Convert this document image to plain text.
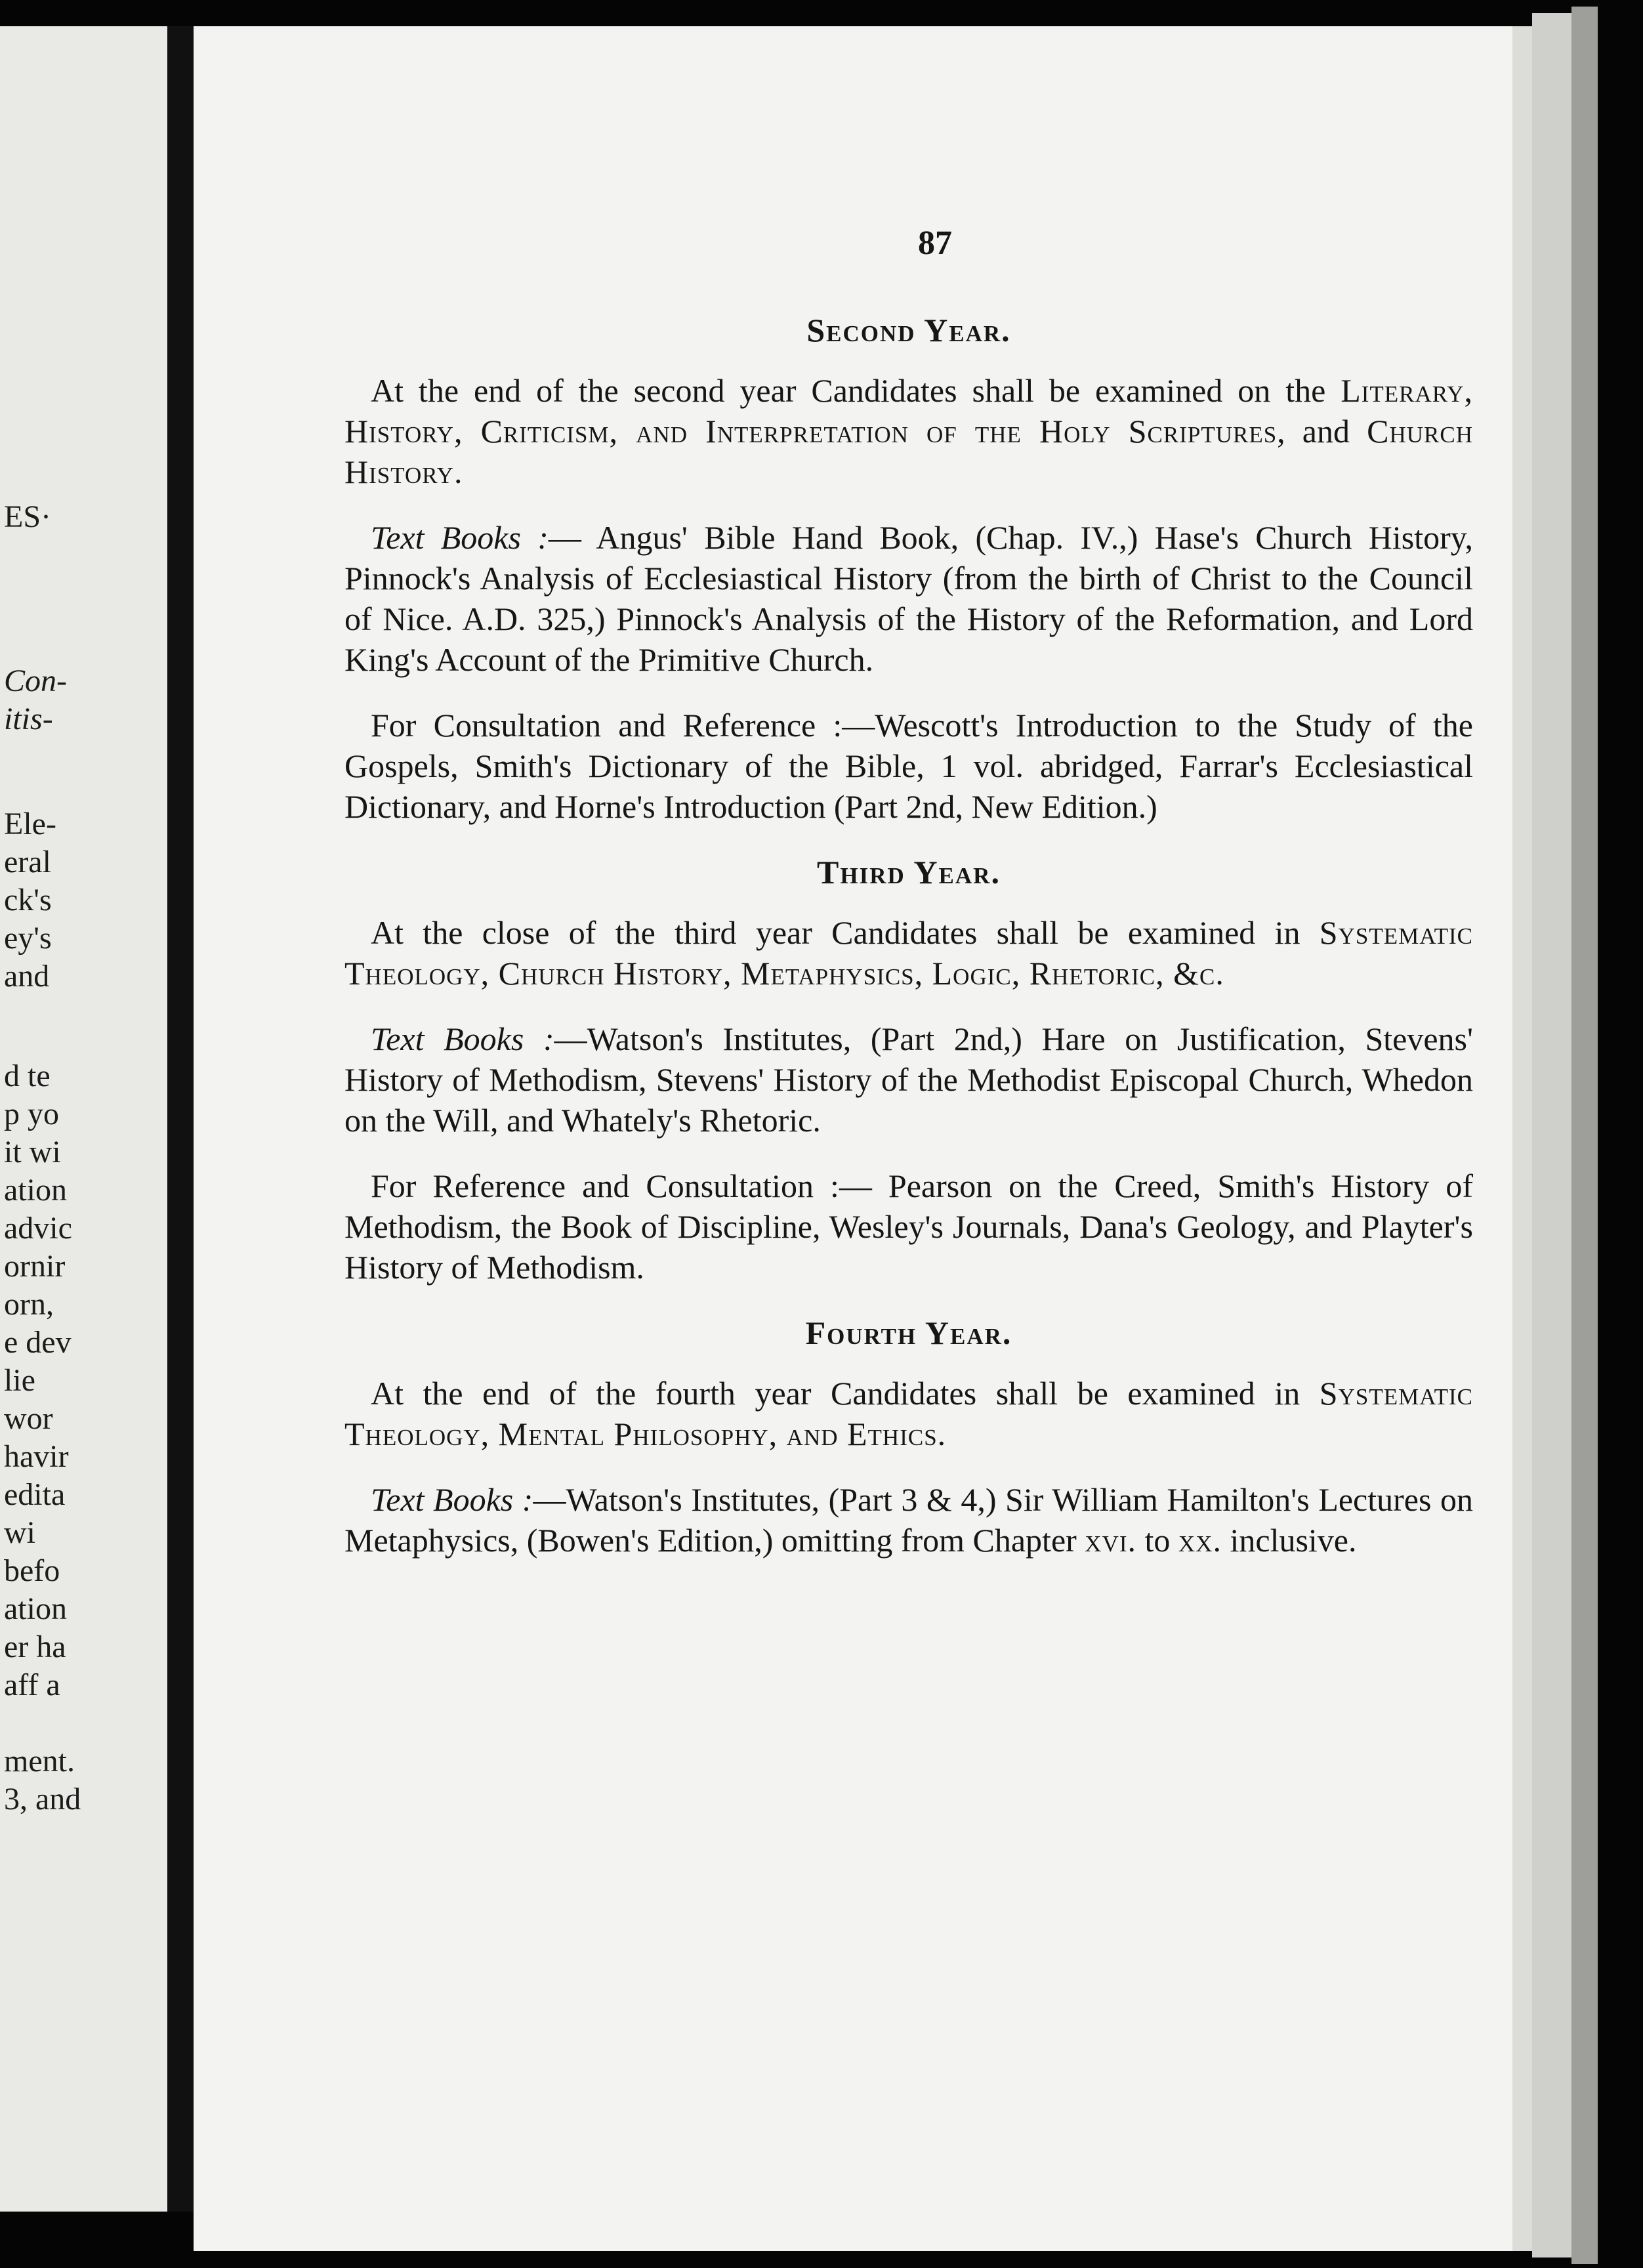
ES·
Con-
itis-
Ele-
eral
ck's
ey's
and
d te
p yo
it wi
ation
advic
ornir
orn,
e dev
lie
wor
havir
edita
wi
befo
ation
er ha
aff a
ment.
3, and
87
Second Year.

At the end of the second year Candidates shall be examined on the Literary, History, Criticism, and Interpretation of the Holy Scriptures, and Church History.

Text Books :— Angus' Bible Hand Book, (Chap. IV.,) Hase's Church History, Pinnock's Analysis of Ecclesiastical History (from the birth of Christ to the Council of Nice. A.D. 325,) Pinnock's Analysis of the History of the Reformation, and Lord King's Account of the Primitive Church.

For Consultation and Reference :—Wescott's Introduction to the Study of the Gospels, Smith's Dictionary of the Bible, 1 vol. abridged, Farrar's Ecclesiastical Dictionary, and Horne's Introduction (Part 2nd, New Edition.)

Third Year.

At the close of the third year Candidates shall be examined in Systematic Theology, Church History, Metaphysics, Logic, Rhetoric, &c.

Text Books :—Watson's Institutes, (Part 2nd,) Hare on Justification, Stevens' History of Methodism, Stevens' History of the Methodist Episcopal Church, Whedon on the Will, and Whately's Rhetoric.

For Reference and Consultation :— Pearson on the Creed, Smith's History of Methodism, the Book of Discipline, Wesley's Journals, Dana's Geology, and Playter's History of Methodism.

Fourth Year.

At the end of the fourth year Candidates shall be examined in Systematic Theology, Mental Philosophy, and Ethics.

Text Books :—Watson's Institutes, (Part 3 & 4,) Sir William Hamilton's Lectures on Metaphysics, (Bowen's Edition,) omitting from Chapter xvi. to xx. inclusive.
